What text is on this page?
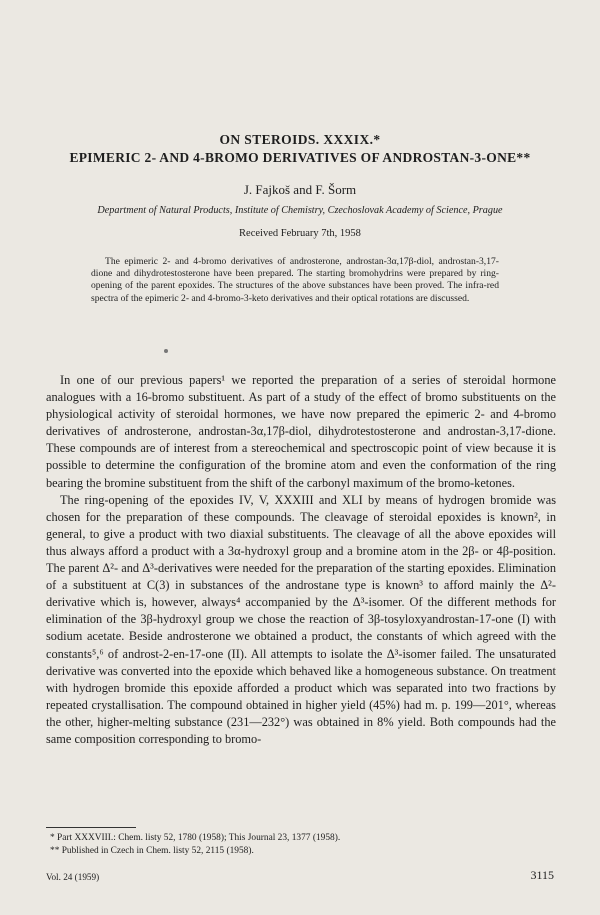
ON STEROIDS. XXXIX.*
EPIMERIC 2- AND 4-BROMO DERIVATIVES OF ANDROSTAN-3-ONE**
J. Fajkoš and F. Šorm
Department of Natural Products, Institute of Chemistry, Czechoslovak Academy of Science, Prague
Received February 7th, 1958

The epimeric 2- and 4-bromo derivatives of androsterone, androstan-3α,17β-diol, androstan-3,17-dione and dihydrotestosterone have been prepared. The starting bromohydrins were prepared by ring-opening of the parent epoxides. The structures of the above substances have been proved. The infra-red spectra of the epimeric 2- and 4-bromo-3-keto derivatives and their optical rotations are discussed.

In one of our previous papers¹ we reported the preparation of a series of steroidal hormone analogues with a 16-bromo substituent. As part of a study of the effect of bromo substituents on the physiological activity of steroidal hormones, we have now prepared the epimeric 2- and 4-bromo derivatives of androsterone, androstan-3α,17β-diol, dihydrotestosterone and androstan-3,17-dione. These compounds are of interest from a stereochemical and spectroscopic point of view because it is possible to determine the configuration of the bromine atom and even the conformation of the ring bearing the bromine substituent from the shift of the carbonyl maximum of the bromo-ketones.

The ring-opening of the epoxides IV, V, XXXIII and XLI by means of hydrogen bromide was chosen for the preparation of these compounds. The cleavage of steroidal epoxides is known², in general, to give a product with two diaxial substituents. The cleavage of all the above epoxides will thus always afford a product with a 3α-hydroxyl group and a bromine atom in the 2β- or 4β-position. The parent Δ²- and Δ³-derivatives were needed for the preparation of the starting epoxides. Elimination of a substituent at C(3) in substances of the androstane type is known³ to afford mainly the Δ²-derivative which is, however, always⁴ accompanied by the Δ³-isomer. Of the different methods for elimination of the 3β-hydroxyl group we chose the reaction of 3β-tosyloxyandrostan-17-one (I) with sodium acetate. Beside androsterone we obtained a product, the constants of which agreed with the constants⁵,⁶ of androst-2-en-17-one (II). All attempts to isolate the Δ³-isomer failed. The unsaturated derivative was converted into the epoxide which behaved like a homogeneous substance. On treatment with hydrogen bromide this epoxide afforded a product which was separated into two fractions by repeated crystallisation. The compound obtained in higher yield (45%) had m. p. 199—201°, whereas the other, higher-melting substance (231—232°) was obtained in 8% yield. Both compounds had the same composition corresponding to bromo-

* Part XXXVIII.: Chem. listy 52, 1780 (1958); This Journal 23, 1377 (1958).
** Published in Czech in Chem. listy 52, 2115 (1958).
Vol. 24 (1959)	3115
